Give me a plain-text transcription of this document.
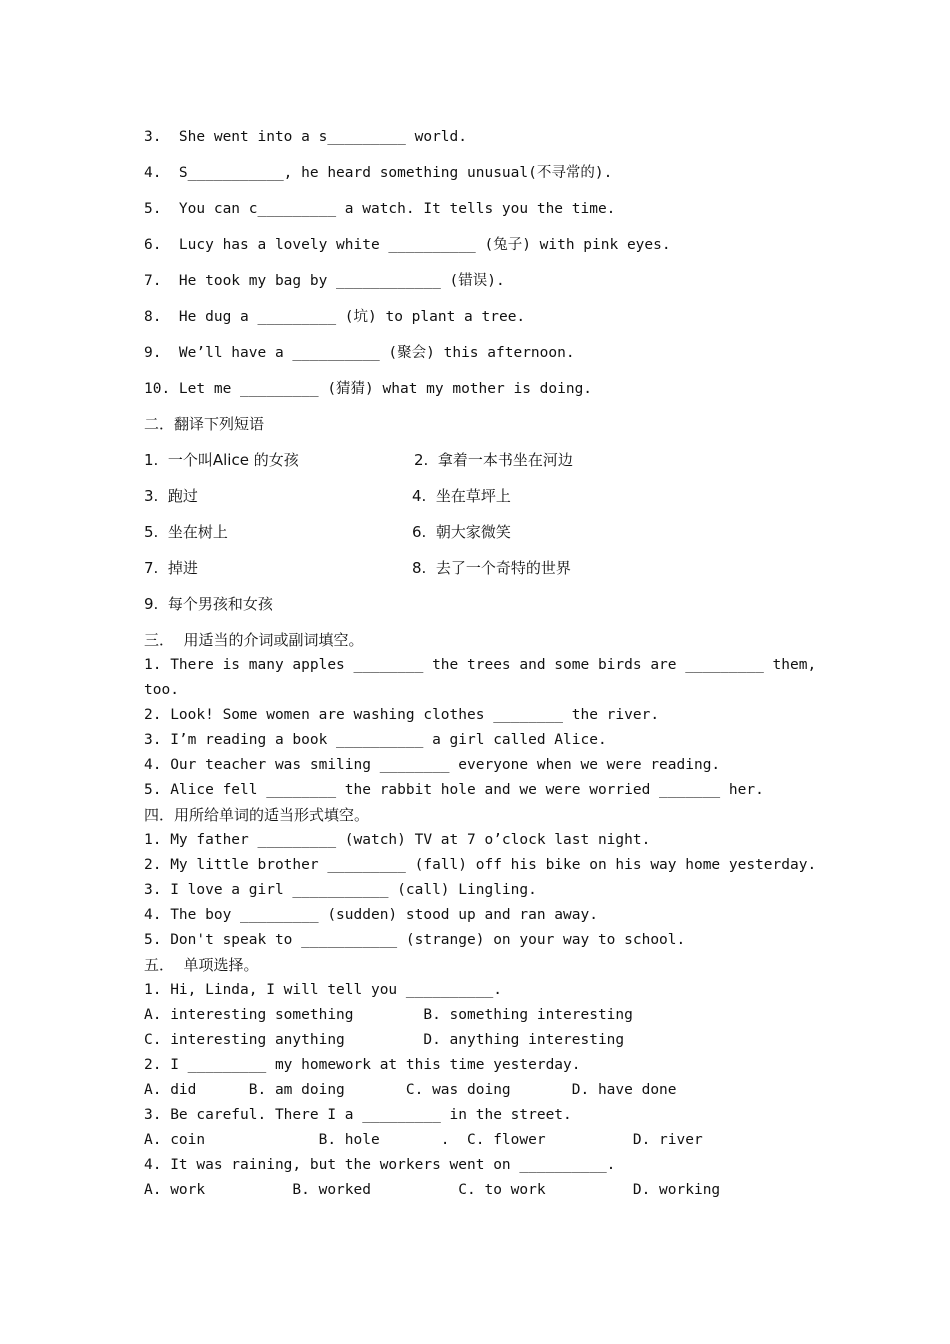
3.  She went into a s_________ world.
4.  S___________, he heard something unusual(不寻常的).
5.  You can c_________ a watch. It tells you the time.
6.  Lucy has a lovely white __________ (兔子) with pink eyes.
7.  He took my bag by ____________ (错误).
8.  He dug a _________ (坑) to plant a tree.
9.  We’ll have a __________ (聚会) this afternoon.
10. Let me _________ (猜猜) what my mother is doing.
二．翻译下列短语
1.  一个叫Alice 的女孩	2.  拿着一本书坐在河边
3.  跑过	4.  坐在草坪上
5.  坐在树上	6.  朝大家微笑
7.  掉进	8.  去了一个奇特的世界
9.  每个男孩和女孩
三．  用适当的介词或副词填空。
1. There is many apples ________ the trees and some birds are _________ them,
too.
2. Look! Some women are washing clothes ________ the river.
3. I’m reading a book __________ a girl called Alice.
4. Our teacher was smiling ________ everyone when we were reading.
5. Alice fell ________ the rabbit hole and we were worried _______ her.
四．用所给单词的适当形式填空。
1. My father _________ (watch) TV at 7 o’clock last night.
2. My little brother _________ (fall) off his bike on his way home yesterday.
3. I love a girl ___________ (call) Lingling.
4. The boy _________ (sudden) stood up and ran away.
5. Don't speak to ___________ (strange) on your way to school.
五．  单项选择。
1. Hi, Linda, I will tell you __________.
A. interesting something        B. something interesting
C. interesting anything         D. anything interesting
2. I _________ my homework at this time yesterday.
A. did      B. am doing       C. was doing       D. have done
3. Be careful. There I a _________ in the street.
A. coin             B. hole       .  C. flower          D. river
4. It was raining, but the workers went on __________.
A. work          B. worked          C. to work          D. working
